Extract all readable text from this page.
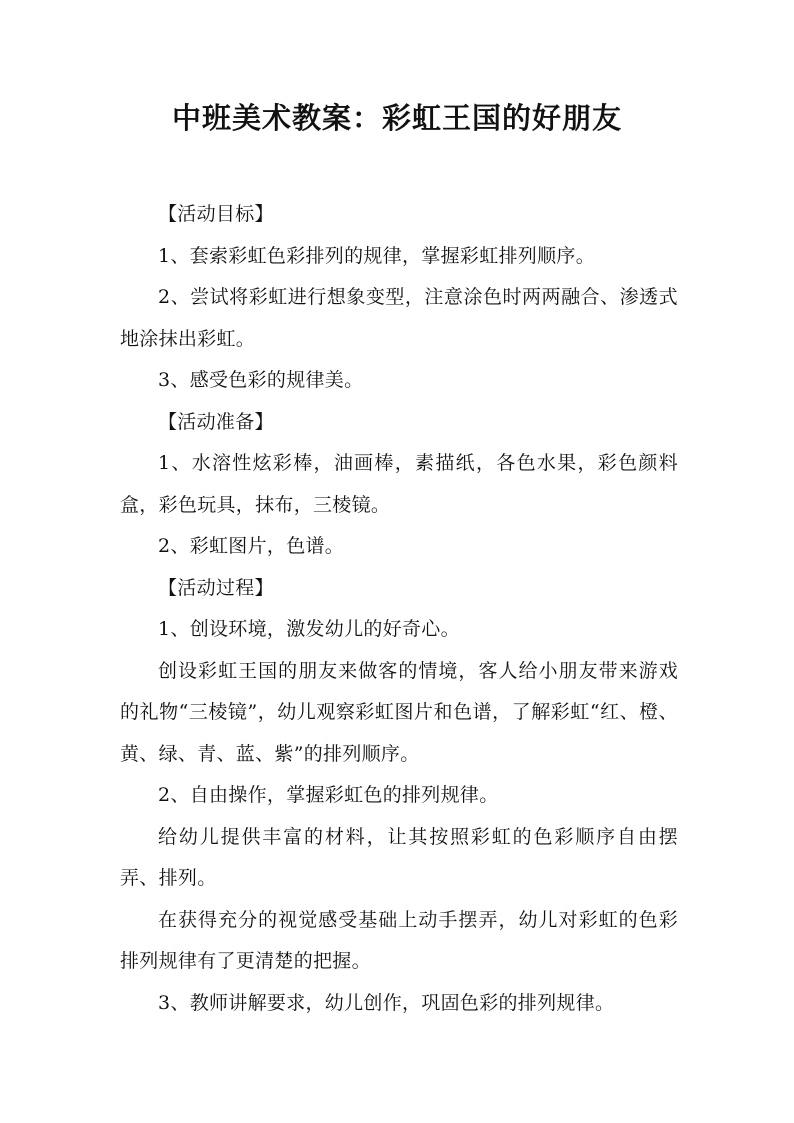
中班美术教案：彩虹王国的好朋友

【活动目标】

1、套索彩虹色彩排列的规律，掌握彩虹排列顺序。

2、尝试将彩虹进行想象变型，注意涂色时两两融合、渗透式地涂抹出彩虹。

3、感受色彩的规律美。

【活动准备】

1、水溶性炫彩棒，油画棒，素描纸，各色水果，彩色颜料盒，彩色玩具，抹布，三棱镜。

2、彩虹图片，色谱。

【活动过程】

1、创设环境，激发幼儿的好奇心。

创设彩虹王国的朋友来做客的情境，客人给小朋友带来游戏的礼物“三棱镜”，幼儿观察彩虹图片和色谱，了解彩虹“红、橙、黄、绿、青、蓝、紫”的排列顺序。

2、自由操作，掌握彩虹色的排列规律。

给幼儿提供丰富的材料，让其按照彩虹的色彩顺序自由摆弄、排列。

在获得充分的视觉感受基础上动手摆弄，幼儿对彩虹的色彩排列规律有了更清楚的把握。

3、教师讲解要求，幼儿创作，巩固色彩的排列规律。
